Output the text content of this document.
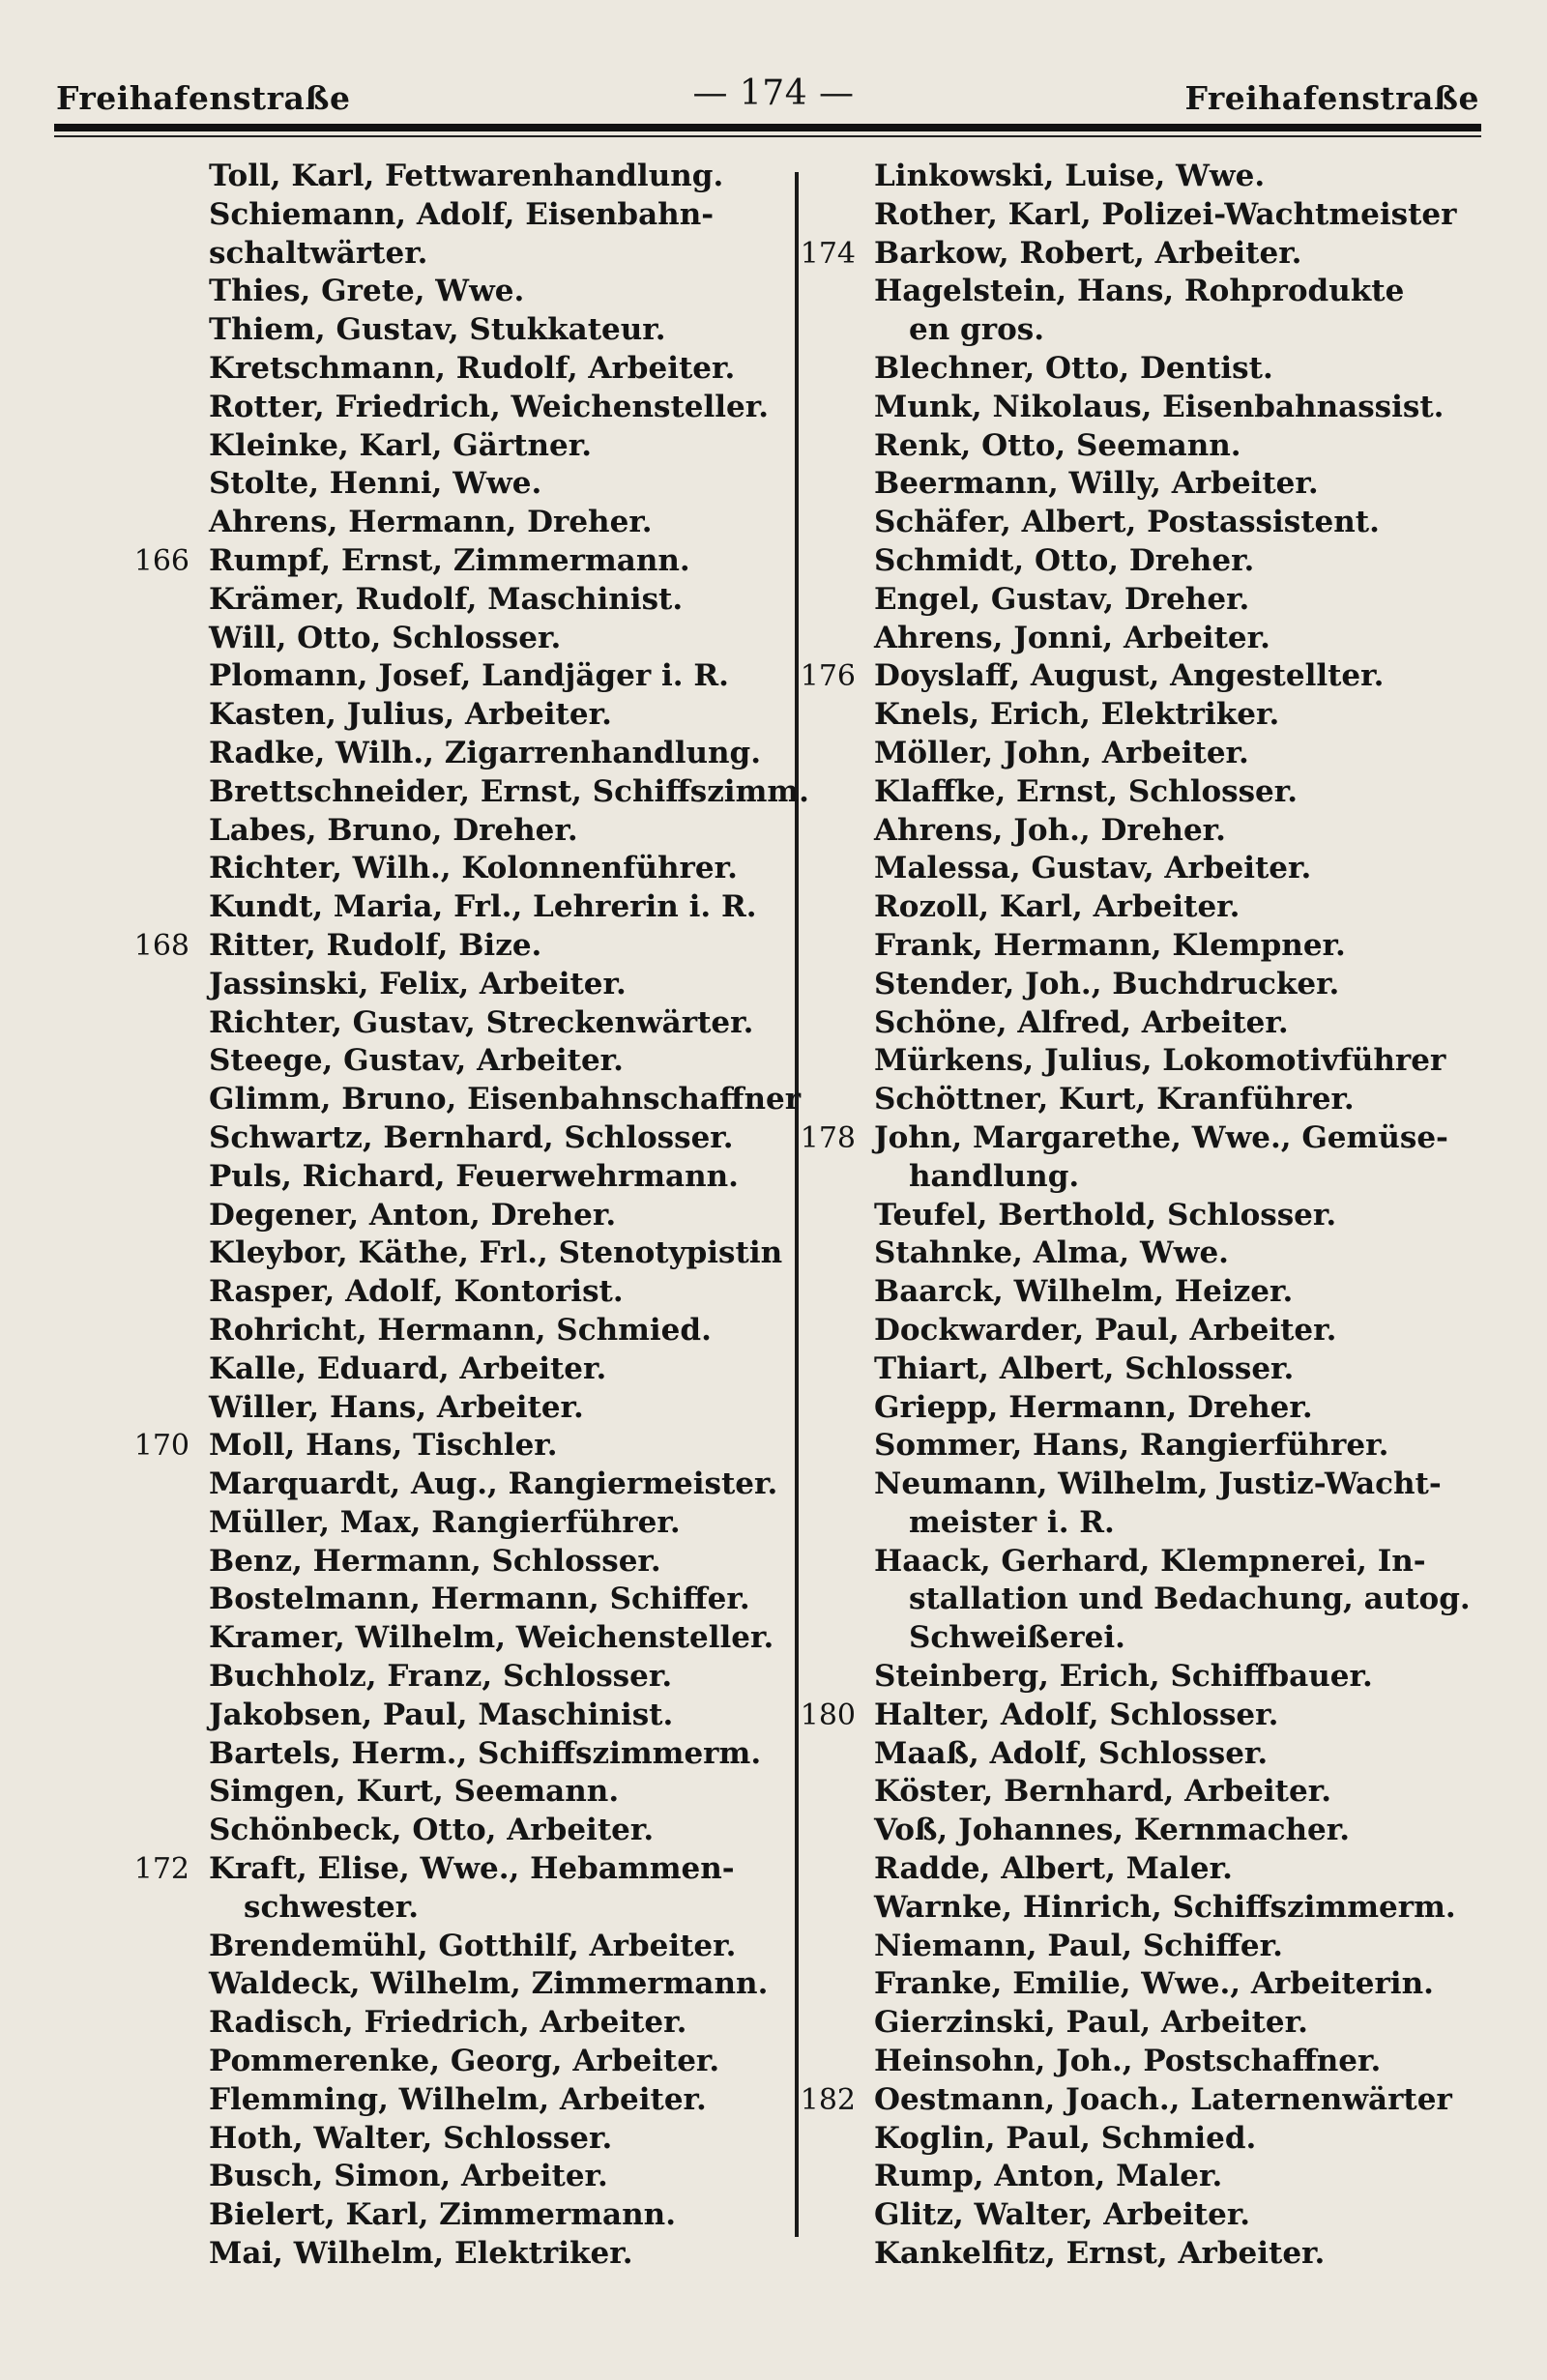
Freihafenstraße	— 174 —	Freihafenstraße
Toll, Karl, Fettwarenhandlung.
Schiemann, Adolf, Eisenbahn-
schaltwärter.
Thies, Grete, Wwe.
Thiem, Gustav, Stukkateur.
Kretschmann, Rudolf, Arbeiter.
Rotter, Friedrich, Weichensteller.
Kleinke, Karl, Gärtner.
Stolte, Henni, Wwe.
Ahrens, Hermann, Dreher.
166 Rumpf, Ernst, Zimmermann.
Krämer, Rudolf, Maschinist.
Will, Otto, Schlosser.
Plomann, Josef, Landjäger i. R.
Kasten, Julius, Arbeiter.
Radke, Wilh., Zigarrenhandlung.
Brettschneider, Ernst, Schiffszimm.
Labes, Bruno, Dreher.
Richter, Wilh., Kolonnenführer.
Kundt, Maria, Frl., Lehrerin i. R.
168 Ritter, Rudolf, Bize.
Jassinski, Felix, Arbeiter.
Richter, Gustav, Streckenwärter.
Steege, Gustav, Arbeiter.
Glimm, Bruno, Eisenbahnschaffner
Schwartz, Bernhard, Schlosser.
Puls, Richard, Feuerwehrmann.
Degener, Anton, Dreher.
Kleybor, Käthe, Frl., Stenotypistin
Rasper, Adolf, Kontorist.
Rohricht, Hermann, Schmied.
Kalle, Eduard, Arbeiter.
Willer, Hans, Arbeiter.
170 Moll, Hans, Tischler.
Marquardt, Aug., Rangiermeister.
Müller, Max, Rangierführer.
Benz, Hermann, Schlosser.
Bostelmann, Hermann, Schiffer.
Kramer, Wilhelm, Weichensteller.
Buchholz, Franz, Schlosser.
Jakobsen, Paul, Maschinist.
Bartels, Herm., Schiffszimmerm.
Simgen, Kurt, Seemann.
Schönbeck, Otto, Arbeiter.
172 Kraft, Elise, Wwe., Hebammen-
schwester.
Brendemühl, Gotthilf, Arbeiter.
Waldeck, Wilhelm, Zimmermann.
Radisch, Friedrich, Arbeiter.
Pommerenke, Georg, Arbeiter.
Flemming, Wilhelm, Arbeiter.
Hoth, Walter, Schlosser.
Busch, Simon, Arbeiter.
Bielert, Karl, Zimmermann.
Mai, Wilhelm, Elektriker.
Linkowski, Luise, Wwe.
Rother, Karl, Polizei-Wachtmeister
174 Barkow, Robert, Arbeiter.
Hagelstein, Hans, Rohprodukte
en gros.
Blechner, Otto, Dentist.
Munk, Nikolaus, Eisenbahnassist.
Renk, Otto, Seemann.
Beermann, Willy, Arbeiter.
Schäfer, Albert, Postassistent.
Schmidt, Otto, Dreher.
Engel, Gustav, Dreher.
Ahrens, Jonni, Arbeiter.
176 Doyslaff, August, Angestellter.
Knels, Erich, Elektriker.
Möller, John, Arbeiter.
Klaffke, Ernst, Schlosser.
Ahrens, Joh., Dreher.
Malessa, Gustav, Arbeiter.
Rozoll, Karl, Arbeiter.
Frank, Hermann, Klempner.
Stender, Joh., Buchdrucker.
Schöne, Alfred, Arbeiter.
Mürkens, Julius, Lokomotivführer
Schöttner, Kurt, Kranführer.
178 John, Margarethe, Wwe., Gemüse-
handlung.
Teufel, Berthold, Schlosser.
Stahnke, Alma, Wwe.
Baarck, Wilhelm, Heizer.
Dockwarder, Paul, Arbeiter.
Thiart, Albert, Schlosser.
Griepp, Hermann, Dreher.
Sommer, Hans, Rangierführer.
Neumann, Wilhelm, Justiz-Wacht-
meister i. R.
Haack, Gerhard, Klempnerei, In-
stallation und Bedachung, autog.
Schweißerei.
Steinberg, Erich, Schiffbauer.
180 Halter, Adolf, Schlosser.
Maaß, Adolf, Schlosser.
Köster, Bernhard, Arbeiter.
Voß, Johannes, Kernmacher.
Radde, Albert, Maler.
Warnke, Hinrich, Schiffszimmerm.
Niemann, Paul, Schiffer.
Franke, Emilie, Wwe., Arbeiterin.
Gierzinski, Paul, Arbeiter.
Heinsohn, Joh., Postschaffner.
182 Oestmann, Joach., Laternenwärter
Koglin, Paul, Schmied.
Rump, Anton, Maler.
Glitz, Walter, Arbeiter.
Kankelfitz, Ernst, Arbeiter.
